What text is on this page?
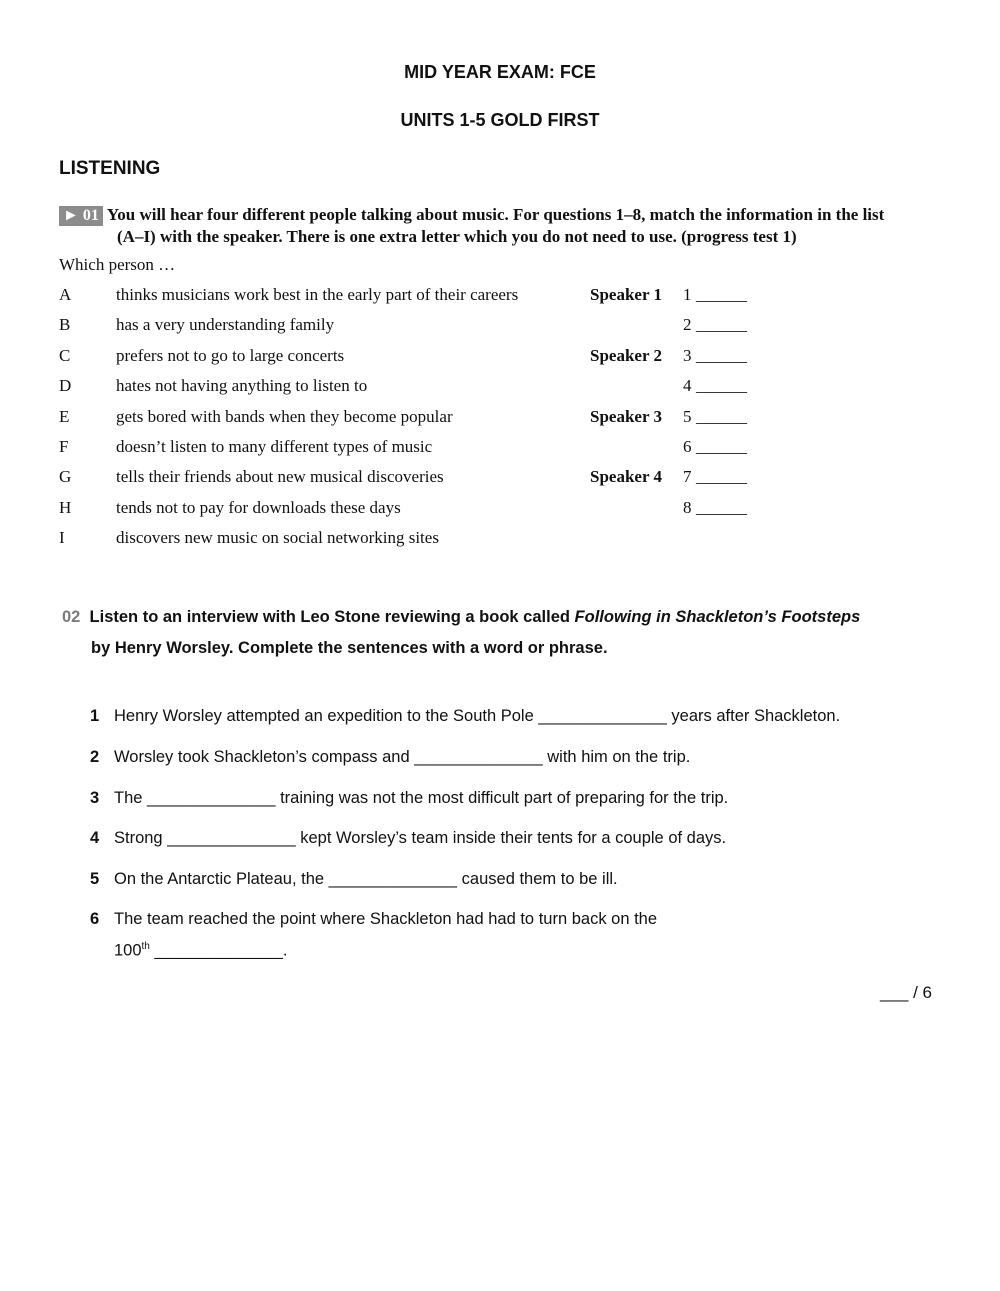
MID YEAR EXAM: FCE
UNITS 1-5 GOLD FIRST
LISTENING
► 01 You will hear four different people talking about music. For questions 1–8, match the information in the list
(A–I) with the speaker. There is one extra letter which you do not need to use. (progress test 1)
Which person …
A	thinks musicians work best in the early part of their careers	Speaker 1 1 ______
B	has a very understanding family	2 ______
C	prefers not to go to large concerts	Speaker 2 3 ______
D	hates not having anything to listen to	4 ______
E	gets bored with bands when they become popular	Speaker 3 5 ______
F	doesn’t listen to many different types of music	6 ______
G	tells their friends about new musical discoveries	Speaker 4 7 ______
H	tends not to pay for downloads these days	8 ______
I	discovers new music on social networking sites
02 Listen to an interview with Leo Stone reviewing a book called Following in Shackleton’s Footsteps
by Henry Worsley. Complete the sentences with a word or phrase.
1 Henry Worsley attempted an expedition to the South Pole ______________ years after Shackleton.
2 Worsley took Shackleton’s compass and ______________ with him on the trip.
3 The ______________ training was not the most difficult part of preparing for the trip.
4 Strong ______________ kept Worsley’s team inside their tents for a couple of days.
5 On the Antarctic Plateau, the ______________ caused them to be ill.
6 The team reached the point where Shackleton had had to turn back on the
100th ______________.
___ / 6
